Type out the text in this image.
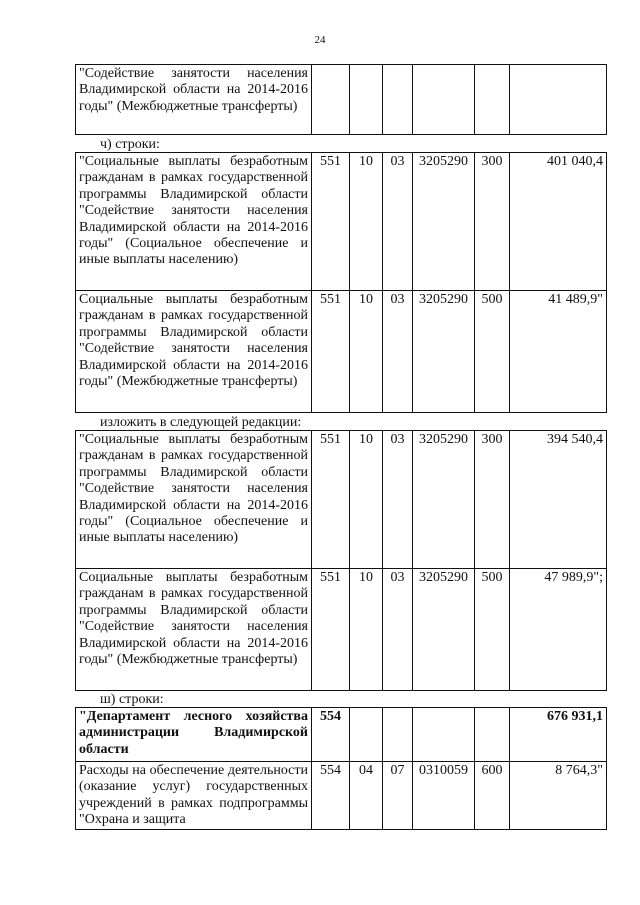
24
"Содействие занятости населения Владимирской области на 2014-2016 годы" (Межбюджетные трансферты)						
ч) строки:
"Социальные выплаты безработным гражданам в рамках государственной программы Владимирской области "Содействие занятости населения Владимирской области на 2014-2016 годы" (Социальное обеспечение и иные выплаты населению)	551	10	03	3205290	300	401 040,4
Социальные выплаты безработным гражданам в рамках государственной программы Владимирской области "Содействие занятости населения Владимирской области на 2014-2016 годы" (Межбюджетные трансферты)	551	10	03	3205290	500	41 489,9"
изложить в следующей редакции:
"Социальные выплаты безработным гражданам в рамках государственной программы Владимирской области "Содействие занятости населения Владимирской области на 2014-2016 годы" (Социальное обеспечение и иные выплаты населению)	551	10	03	3205290	300	394 540,4
Социальные выплаты безработным гражданам в рамках государственной программы Владимирской области "Содействие занятости населения Владимирской области на 2014-2016 годы" (Межбюджетные трансферты)	551	10	03	3205290	500	47 989,9";
ш) строки:
"Департамент лесного хозяйства администрации Владимирской области	554					676 931,1
Расходы на обеспечение деятельности (оказание услуг) государственных учреждений в рамках подпрограммы "Охрана и защита	554	04	07	0310059	600	8 764,3"
